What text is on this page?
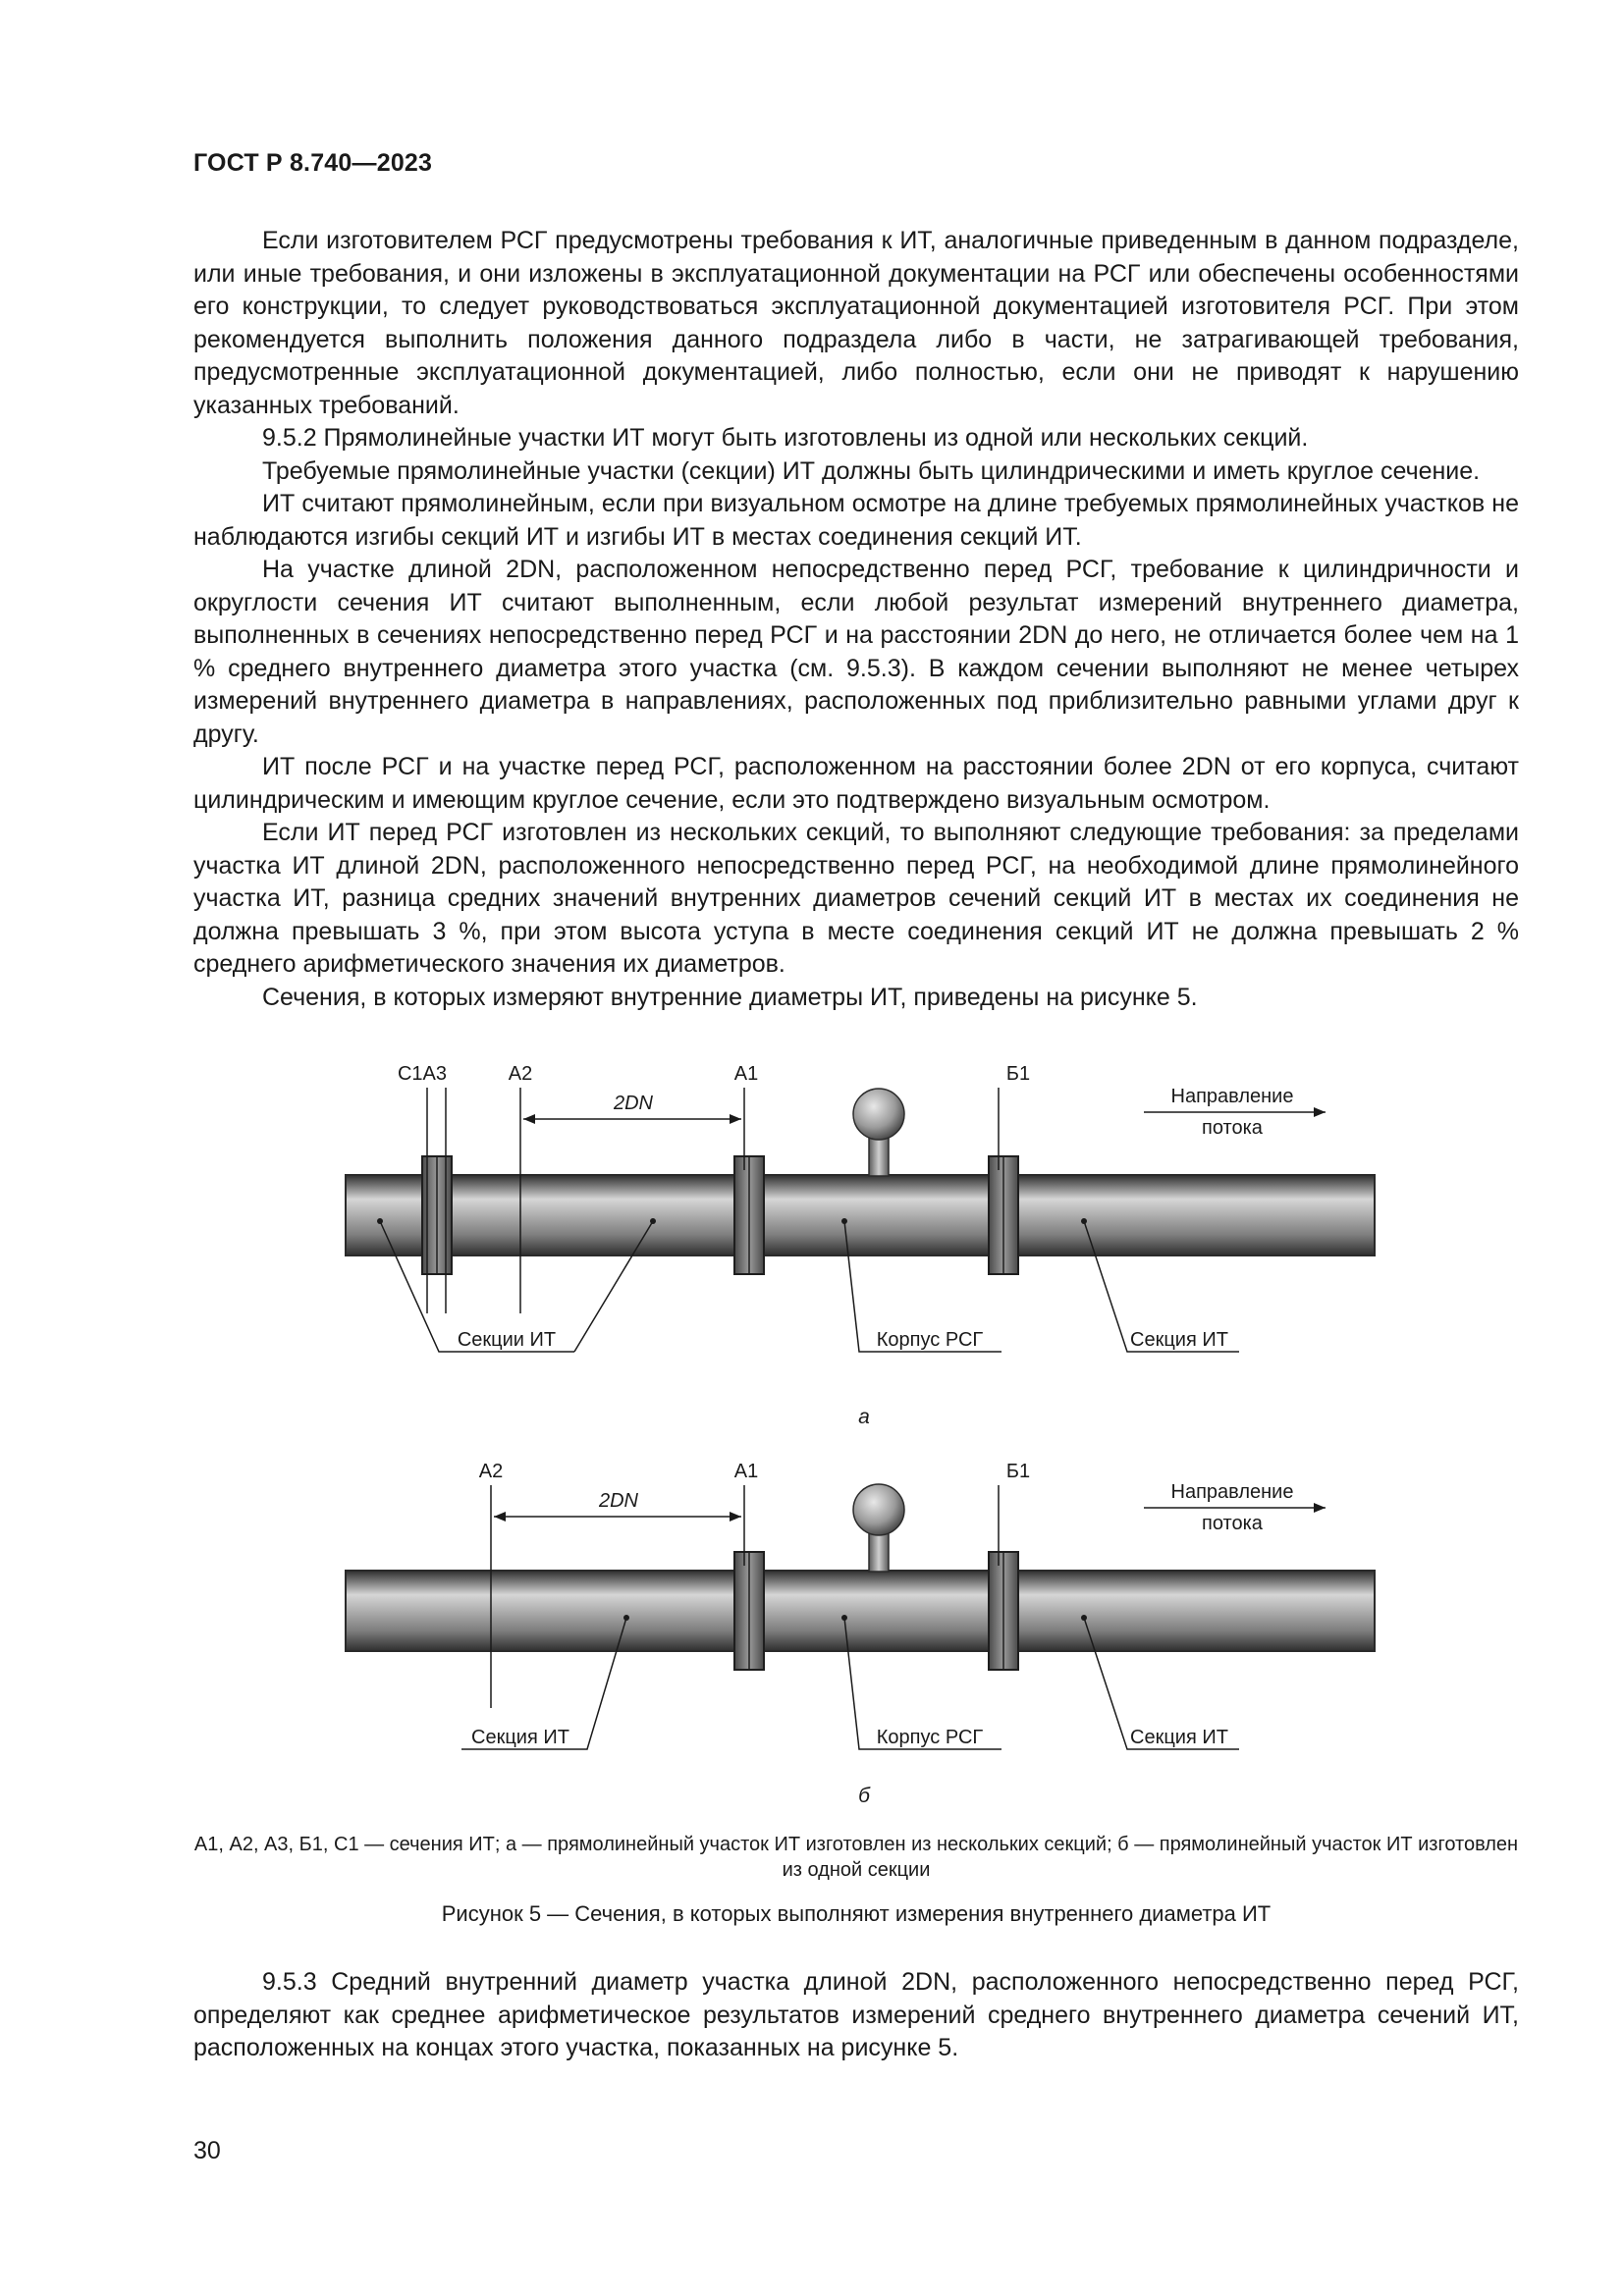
ГОСТ Р 8.740—2023

Если изготовителем РСГ предусмотрены требования к ИТ, аналогичные приведенным в данном подразделе, или иные требования, и они изложены в эксплуатационной документации на РСГ или обеспечены особенностями его конструкции, то следует руководствоваться эксплуатационной документацией изготовителя РСГ. При этом рекомендуется выполнить положения данного подраздела либо в части, не затрагивающей требования, предусмотренные эксплуатационной документацией, либо полностью, если они не приводят к нарушению указанных требований.

9.5.2 Прямолинейные участки ИТ могут быть изготовлены из одной или нескольких секций.

Требуемые прямолинейные участки (секции) ИТ должны быть цилиндрическими и иметь круглое сечение.

ИТ считают прямолинейным, если при визуальном осмотре на длине требуемых прямолинейных участков не наблюдаются изгибы секций ИТ и изгибы ИТ в местах соединения секций ИТ.

На участке длиной 2DN, расположенном непосредственно перед РСГ, требование к цилиндричности и округлости сечения ИТ считают выполненным, если любой результат измерений внутреннего диаметра, выполненных в сечениях непосредственно перед РСГ и на расстоянии 2DN до него, не отличается более чем на 1 % среднего внутреннего диаметра этого участка (см. 9.5.3). В каждом сечении выполняют не менее четырех измерений внутреннего диаметра в направлениях, расположенных под приблизительно равными углами друг к другу.

ИТ после РСГ и на участке перед РСГ, расположенном на расстоянии более 2DN от его корпуса, считают цилиндрическим и имеющим круглое сечение, если это подтверждено визуальным осмотром.

Если ИТ перед РСГ изготовлен из нескольких секций, то выполняют следующие требования: за пределами участка ИТ длиной 2DN, расположенного непосредственно перед РСГ, на необходимой длине прямолинейного участка ИТ, разница средних значений внутренних диаметров сечений секций ИТ в местах их соединения не должна превышать 3 %, при этом высота уступа в месте соединения секций ИТ не должна превышать 2 % среднего арифметического значения их диаметров.

Сечения, в которых измеряют внутренние диаметры ИТ, приведены на рисунке 5.

С1А3	А2	А1	Б1
2DN	Направление
потока
Секции ИТ	Корпус РСГ	Секция ИТ
а
А2	А1	Б1
2DN	Направление
потока
Секция ИТ	Корпус РСГ	Секция ИТ
б
А1, А2, А3, Б1, С1 — сечения ИТ; а — прямолинейный участок ИТ изготовлен из нескольких секций; б — прямолинейный участок ИТ изготовлен из одной секции
Рисунок 5 — Сечения, в которых выполняют измерения внутреннего диаметра ИТ

9.5.3 Средний внутренний диаметр участка длиной 2DN, расположенного непосредственно перед РСГ, определяют как среднее арифметическое результатов измерений среднего внутреннего диаметра сечений ИТ, расположенных на концах этого участка, показанных на рисунке 5.

30
